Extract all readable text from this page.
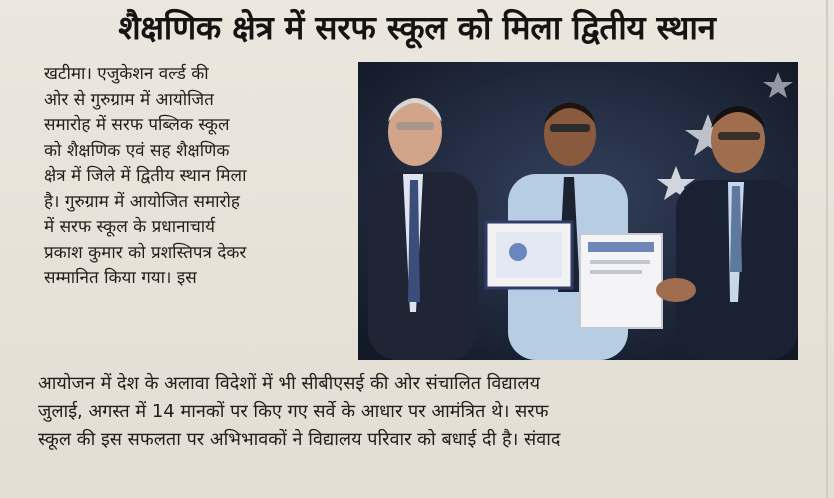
शैक्षणिक क्षेत्र में सरफ स्कूल को मिला द्वितीय स्थान
खटीमा। एजुकेशन वर्ल्ड की
ओर से गुरुग्राम में आयोजित
समारोह में सरफ पब्लिक स्कूल
को शैक्षणिक एवं सह शैक्षणिक
क्षेत्र में जिले में द्वितीय स्थान मिला
है। गुरुग्राम में आयोजित समारोह
में सरफ स्कूल के प्रधानाचार्य
प्रकाश कुमार को प्रशस्तिपत्र देकर
सम्मानित किया गया। इस
आयोजन में देश के अलावा विदेशों में भी सीबीएसई की ओर संचालित विद्यालय
जुलाई, अगस्त में 14 मानकों पर किए गए सर्वे के आधार पर आमंत्रित थे। सरफ
स्कूल की इस सफलता पर अभिभावकों ने विद्यालय परिवार को बधाई दी है। संवाद
